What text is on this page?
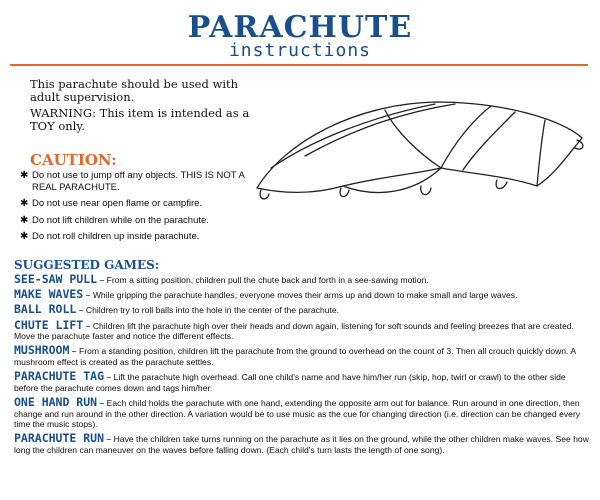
PARACHUTE
instructions

This parachute should be used with adult supervision.

WARNING: This item is intended as a TOY only.

CAUTION:
✱ Do not use to jump off any objects. THIS IS NOT A REAL PARACHUTE.
✱ Do not use near open flame or campfire.
✱ Do not lift children while on the parachute.
✱ Do not roll children up inside parachute.
SUGGESTED GAMES:
SEE-SAW PULL – From a sitting position, children pull the chute back and forth in a see-sawing motion.
MAKE WAVES – While gripping the parachute handles, everyone moves their arms up and down to make small and large waves.
BALL ROLL – Children try to roll balls into the hole in the center of the parachute.
CHUTE LIFT – Children lift the parachute high over their heads and down again, listening for soft sounds and feeling breezes that are created. Move the parachute faster and notice the different effects.
MUSHROOM – From a standing position, children lift the parachute from the ground to overhead on the count of 3. Then all crouch quickly down. A mushroom effect is created as the parachute settles.
PARACHUTE TAG – Lift the parachute high overhead. Call one child's name and have him/her run (skip, hop, twirl or crawl) to the other side before the parachute comes down and tags him/her.
ONE HAND RUN – Each child holds the parachute with one hand, extending the opposite arm out for balance. Run around in one direction, then change and run around in the other direction. A variation would be to use music as the cue for changing direction (i.e. direction can be changed every time the music stops).
PARACHUTE RUN – Have the children take turns running on the parachute as it lies on the ground, while the other children make waves. See how long the children can maneuver on the waves before falling down. (Each child's turn lasts the length of one song).
